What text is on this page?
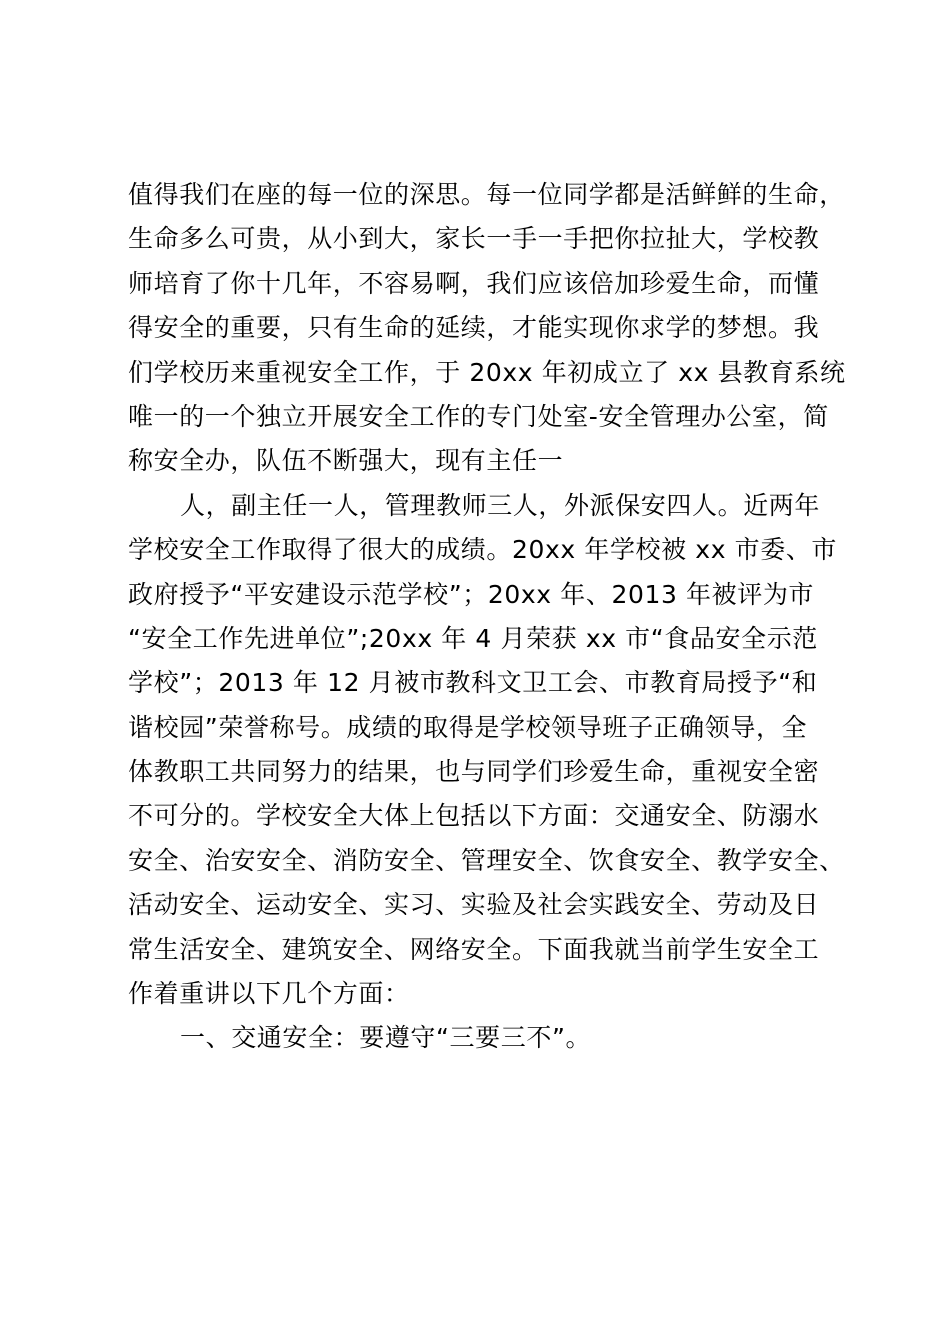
值得我们在座的每一位的深思。每一位同学都是活鲜鲜的生命，
生命多么可贵，从小到大，家长一手一手把你拉扯大，学校教
师培育了你十几年，不容易啊，我们应该倍加珍爱生命，而懂
得安全的重要，只有生命的延续，才能实现你求学的梦想。我
们学校历来重视安全工作，于 20xx 年初成立了 xx 县教育系统
唯一的一个独立开展安全工作的专门处室-安全管理办公室，简
称安全办，队伍不断强大，现有主任一
人，副主任一人，管理教师三人，外派保安四人。近两年
学校安全工作取得了很大的成绩。20xx 年学校被 xx 市委、市
政府授予“平安建设示范学校”；20xx 年、2013 年被评为市
“安全工作先进单位”;20xx 年 4 月荣获 xx 市“食品安全示范
学校”；2013 年 12 月被市教科文卫工会、市教育局授予“和
谐校园”荣誉称号。成绩的取得是学校领导班子正确领导，全
体教职工共同努力的结果，也与同学们珍爱生命，重视安全密
不可分的。学校安全大体上包括以下方面：交通安全、防溺水
安全、治安安全、消防安全、管理安全、饮食安全、教学安全、
活动安全、运动安全、实习、实验及社会实践安全、劳动及日
常生活安全、建筑安全、网络安全。下面我就当前学生安全工
作着重讲以下几个方面：
一、交通安全：要遵守“三要三不”。
